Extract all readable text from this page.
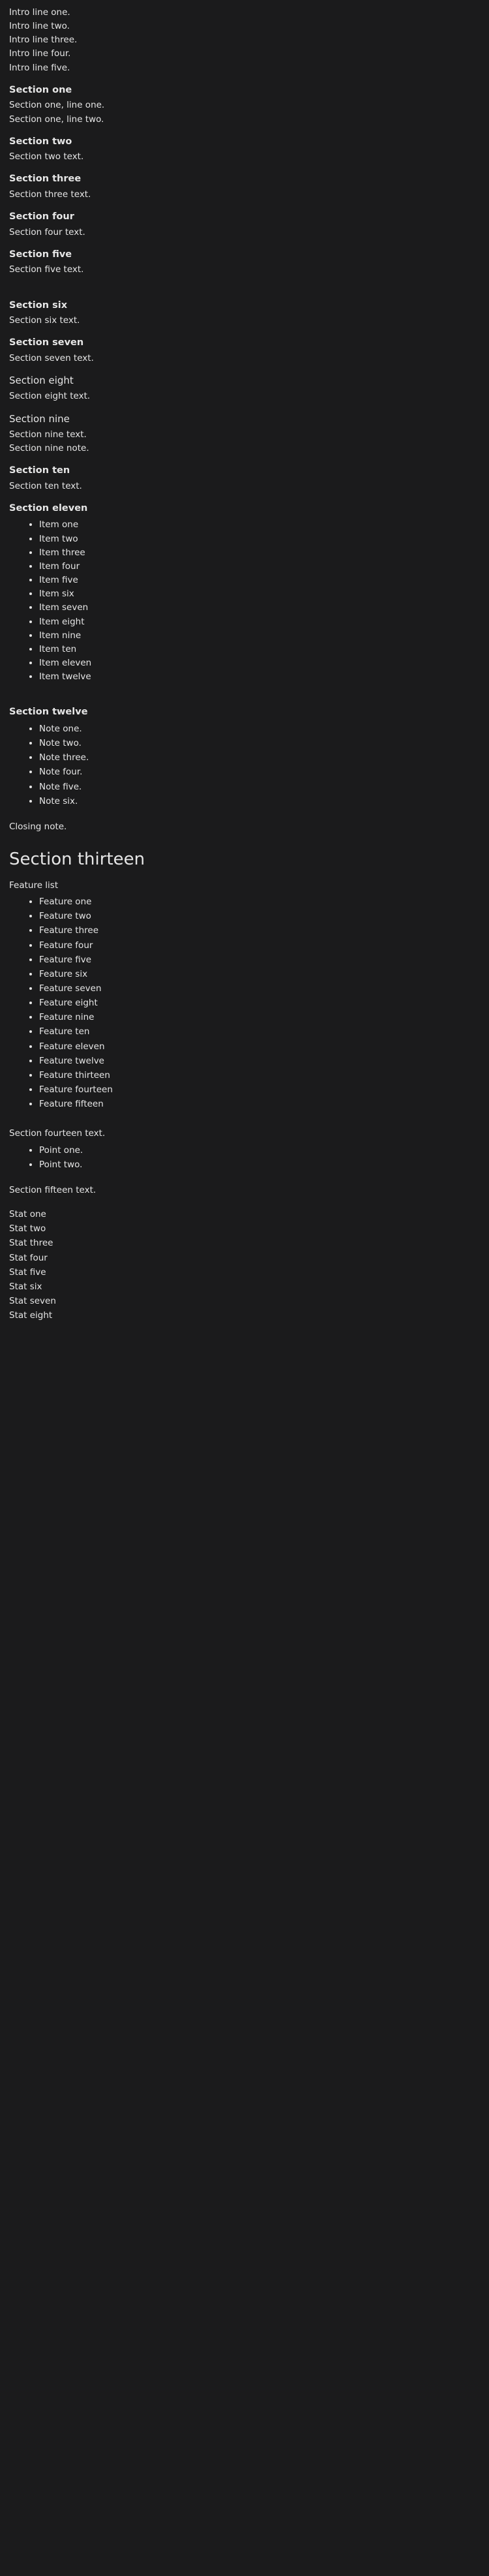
Intro line one.

Intro line two.

Intro line three.

Intro line four.

Intro line five.

Section one

Section one, line one.

Section one, line two.

Section two

Section two text.

Section three

Section three text.

Section four

Section four text.

Section five

Section five text.

Section six

Section six text.

Section seven

Section seven text.

Section eight

Section eight text.

Section nine

Section nine text.

Section nine note.

Section ten

Section ten text.

Section eleven
• Item one
• Item two
• Item three
• Item four
• Item five
• Item six
• Item seven
• Item eight
• Item nine
• Item ten
• Item eleven
• Item twelve
Section twelve
• Note one.
• Note two.
• Note three.
• Note four.
• Note five.
• Note six.

Closing note.

Section thirteen

Feature list

• Feature one
• Feature two
• Feature three
• Feature four
• Feature five
• Feature six
• Feature seven
• Feature eight
• Feature nine
• Feature ten
• Feature eleven
• Feature twelve
• Feature thirteen
• Feature fourteen
• Feature fifteen

Section fourteen text.

• Point one.
• Point two.

Section fifteen text.

Stat one

Stat two

Stat three

Stat four

Stat five

Stat six

Stat seven

Stat eight
